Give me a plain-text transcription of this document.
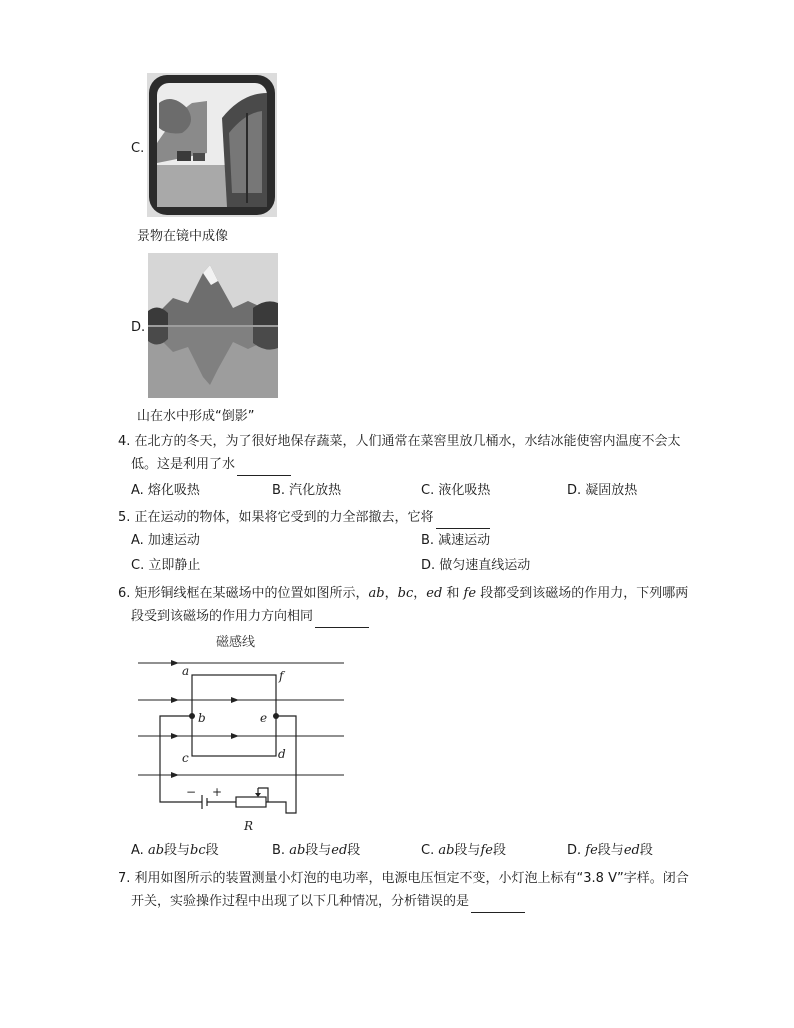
C.
景物在镜中成像
D.
山在水中形成“倒影”
4. 在北方的冬天，为了很好地保存蔬菜，人们通常在菜窖里放几桶水，水结冰能使窖内温度不会太
低。这是利用了水
A. 熔化吸热	B. 汽化放热	C. 液化吸热	D. 凝固放热
5. 正在运动的物体，如果将它受到的力全部撤去，它将
A. 加速运动	B. 减速运动
C. 立即静止	D. 做匀速直线运动
6. 矩形铜线框在某磁场中的位置如图所示，ab，bc，ed 和 fe 段都受到该磁场的作用力，下列哪两
段受到该磁场的作用力方向相同
磁感线
a
b
c	d
e
f
R
− +
A. ab段与bc段	B. ab段与ed段	C. ab段与fe段	D. fe段与ed段
7. 利用如图所示的装置测量小灯泡的电功率，电源电压恒定不变，小灯泡上标有“3.8 V”字样。闭合
开关，实验操作过程中出现了以下几种情况，分析错误的是
